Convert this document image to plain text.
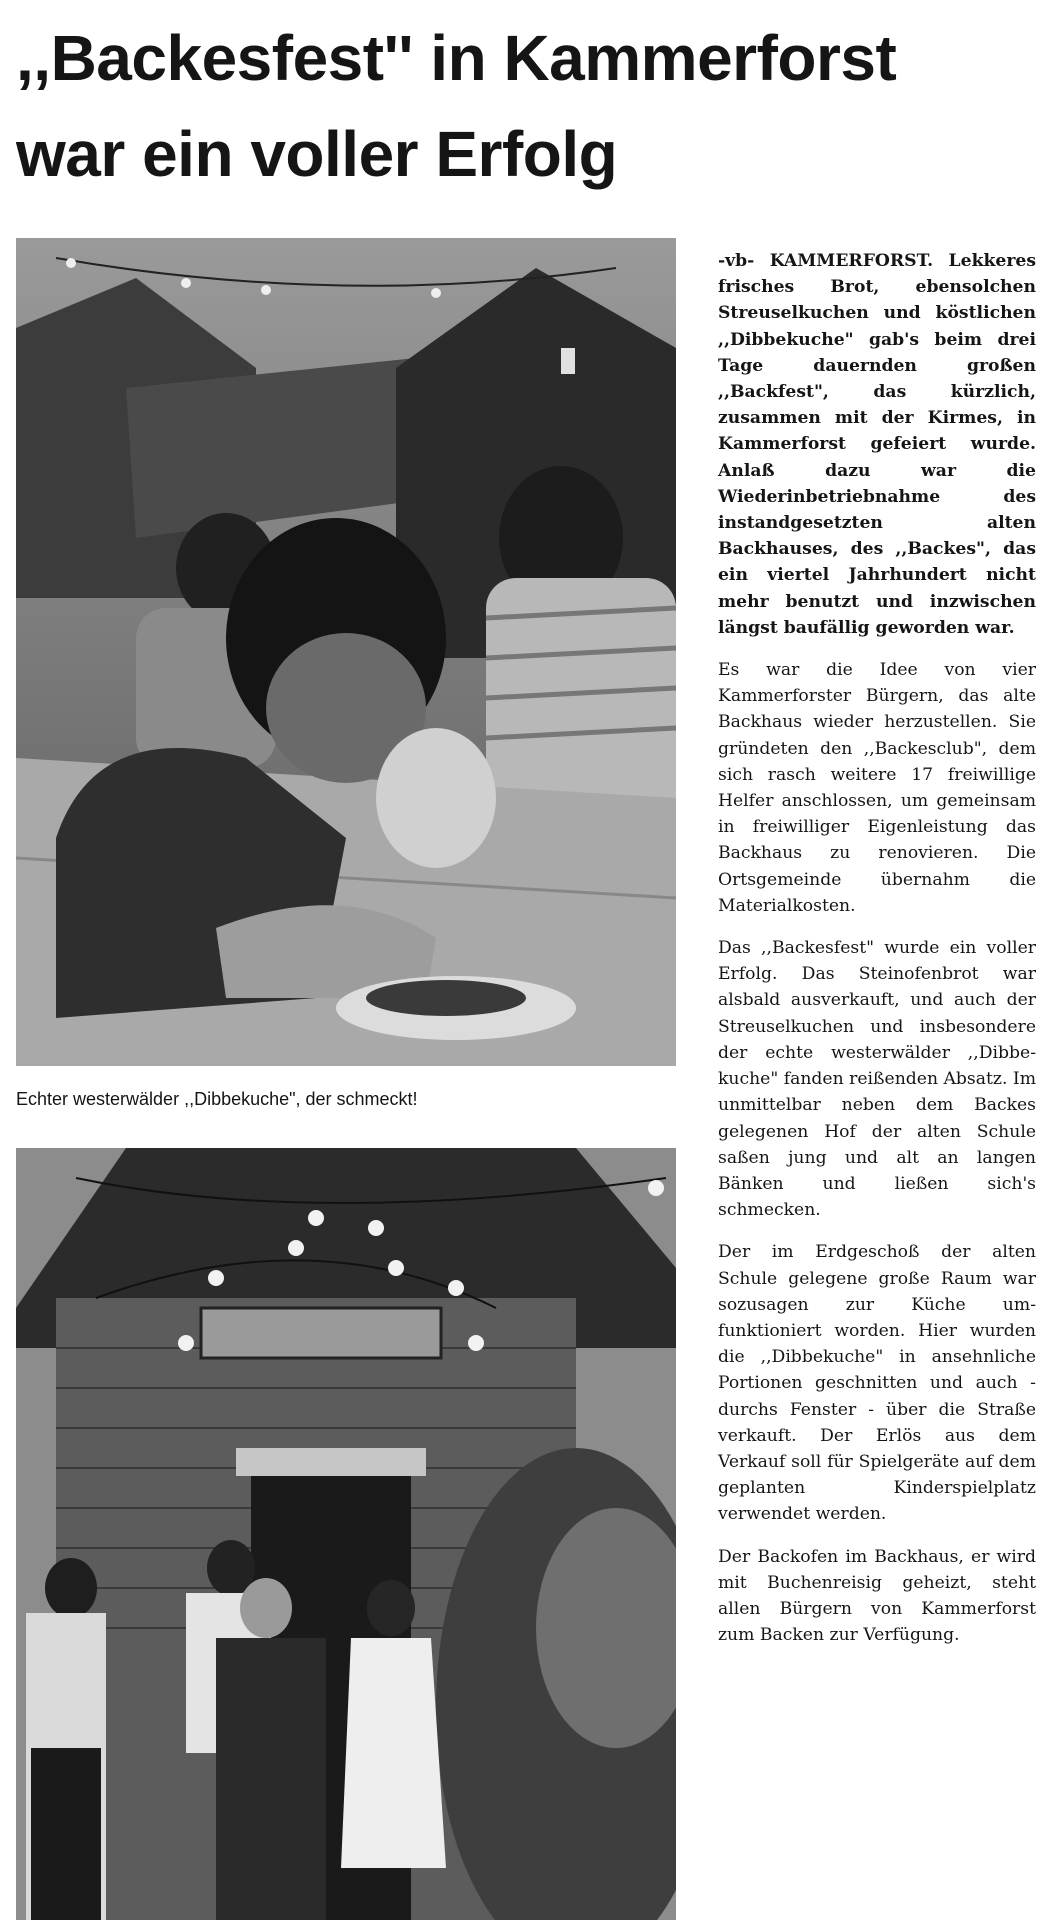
,,Backesfest'' in Kammerforst
war ein voller Erfolg
Echter westerwälder ,,Dibbekuche", der schmeckt!

-vb- KAMMERFORST. Lekkeres frisches Brot, ebensolchen Streuselkuchen und köstlichen ,,Dibbekuche" gab's beim drei Tage dauernden großen ,,Backfest", das kürzlich, zusammen mit der Kirmes, in Kammerforst gefeiert wurde. Anlaß dazu war die Wiederinbetriebnahme des instandgesetzten alten Backhauses, des ,,Backes", das ein viertel Jahrhundert nicht mehr benutzt und inzwischen längst baufällig geworden war.

Es war die Idee von vier Kammerforster Bürgern, das alte Backhaus wieder herzustellen. Sie gründeten den ,,Backesclub", dem sich rasch weitere 17 freiwillige Helfer anschlossen, um gemeinsam in freiwilliger Eigenleistung das Backhaus zu renovieren. Die Ortsgemeinde übernahm die Materialkosten.

Das ,,Backesfest" wurde ein voller Erfolg. Das Steinofenbrot war alsbald ausverkauft, und auch der Streuselkuchen und insbesondere der echte westerwälder ,,Dibbekuche" fanden reißenden Absatz. Im unmittelbar neben dem Backes gelegenen Hof der alten Schule saßen jung und alt an langen Bänken und ließen sich's schmecken.

Der im Erdgeschoß der alten Schule gelegene große Raum war sozusagen zur Küche umfunktioniert worden. Hier wurden die ,,Dibbekuche" in ansehnliche Portionen geschnitten und auch - durchs Fenster - über die Straße verkauft. Der Erlös aus dem Verkauf soll für Spielgeräte auf dem geplanten Kinderspielplatz verwendet werden.

Der Backofen im Backhaus, er wird mit Buchenreisig geheizt, steht allen Bürgern von Kammerforst zum Backen zur Verfügung.
